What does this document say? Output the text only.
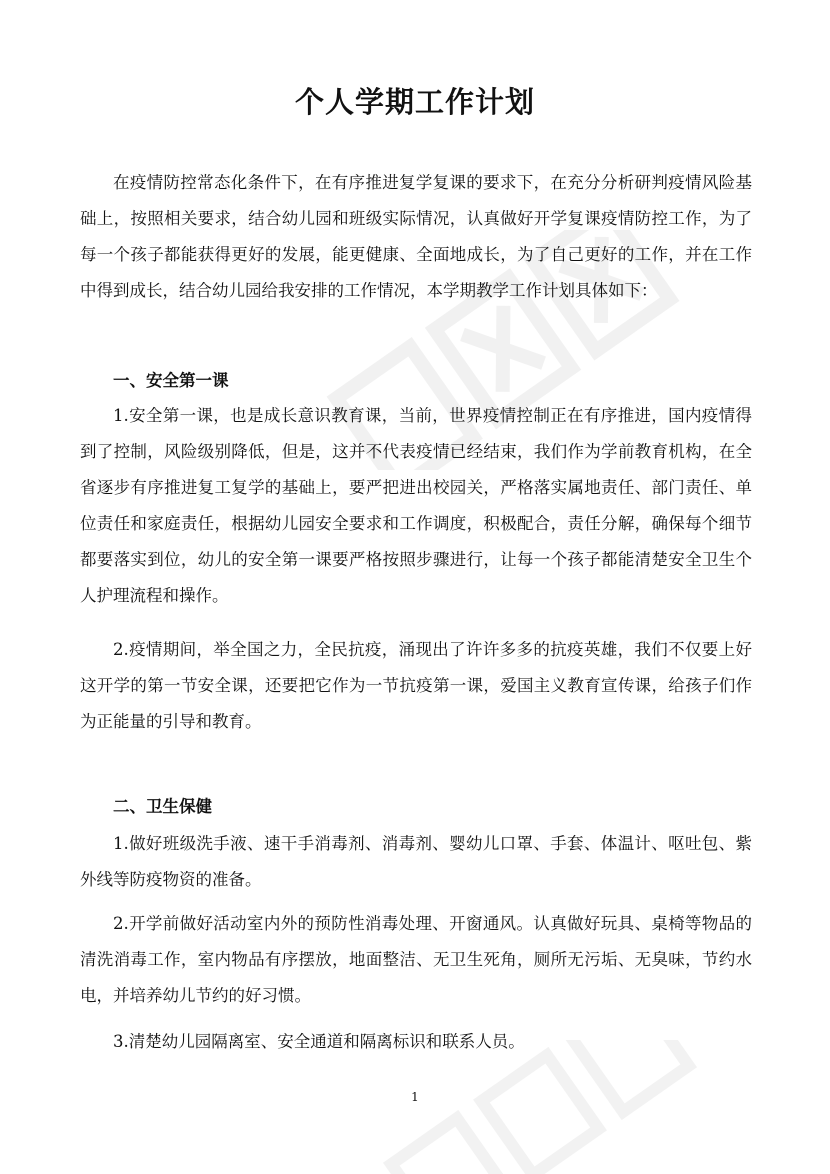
个人学期工作计划

在疫情防控常态化条件下，在有序推进复学复课的要求下，在充分分析研判疫情风险基础上，按照相关要求，结合幼儿园和班级实际情况，认真做好开学复课疫情防控工作，为了每一个孩子都能获得更好的发展，能更健康、全面地成长，为了自己更好的工作，并在工作中得到成长，结合幼儿园给我安排的工作情况，本学期教学工作计划具体如下：

一、安全第一课

1.安全第一课，也是成长意识教育课，当前，世界疫情控制正在有序推进，国内疫情得到了控制，风险级别降低，但是，这并不代表疫情已经结束，我们作为学前教育机构，在全省逐步有序推进复工复学的基础上，要严把进出校园关，严格落实属地责任、部门责任、单位责任和家庭责任，根据幼儿园安全要求和工作调度，积极配合，责任分解，确保每个细节都要落实到位，幼儿的安全第一课要严格按照步骤进行，让每一个孩子都能清楚安全卫生个人护理流程和操作。

2.疫情期间，举全国之力，全民抗疫，涌现出了许许多多的抗疫英雄，我们不仅要上好这开学的第一节安全课，还要把它作为一节抗疫第一课，爱国主义教育宣传课，给孩子们作为正能量的引导和教育。

二、卫生保健

1.做好班级洗手液、速干手消毒剂、消毒剂、婴幼儿口罩、手套、体温计、呕吐包、紫外线等防疫物资的准备。

2.开学前做好活动室内外的预防性消毒处理、开窗通风。认真做好玩具、桌椅等物品的清洗消毒工作，室内物品有序摆放，地面整洁、无卫生死角，厕所无污垢、无臭味，节约水电，并培养幼儿节约的好习惯。

3.清楚幼儿园隔离室、安全通道和隔离标识和联系人员。

1
